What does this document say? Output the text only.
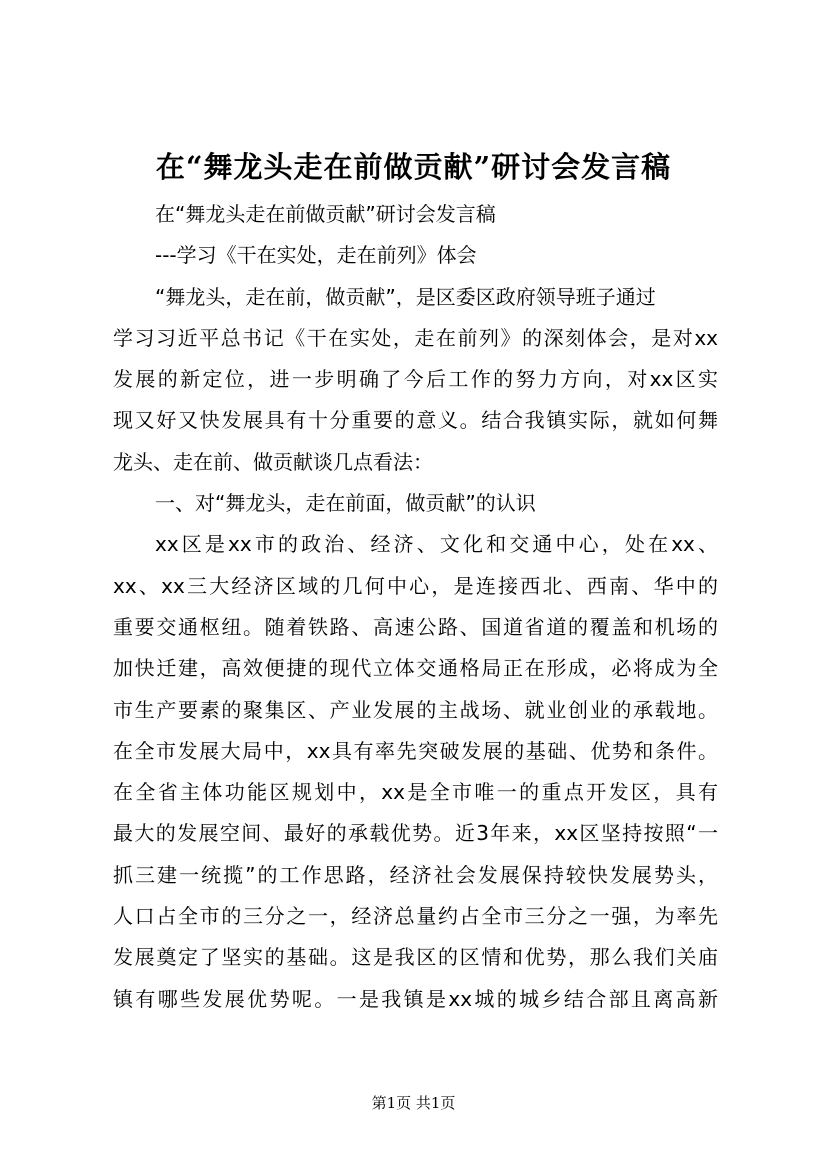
在“舞龙头走在前做贡献”研讨会发言稿
在“舞龙头走在前做贡献”研讨会发言稿
---学习《干在实处，走在前列》体会
“舞龙头，走在前，做贡献”，是区委区政府领导班子通过
学习习近平总书记《干在实处，走在前列》的深刻体会，是对xx
发展的新定位，进一步明确了今后工作的努力方向，对xx区实
现又好又快发展具有十分重要的意义。结合我镇实际，就如何舞
龙头、走在前、做贡献谈几点看法：
一、对“舞龙头，走在前面，做贡献”的认识
xx区是xx市的政治、经济、文化和交通中心，处在xx、
xx、xx三大经济区域的几何中心，是连接西北、西南、华中的
重要交通枢纽。随着铁路、高速公路、国道省道的覆盖和机场的
加快迁建，高效便捷的现代立体交通格局正在形成，必将成为全
市生产要素的聚集区、产业发展的主战场、就业创业的承载地。
在全市发展大局中，xx具有率先突破发展的基础、优势和条件。
在全省主体功能区规划中，xx是全市唯一的重点开发区，具有
最大的发展空间、最好的承载优势。近3年来，xx区坚持按照“一
抓三建一统揽”的工作思路，经济社会发展保持较快发展势头，
人口占全市的三分之一，经济总量约占全市三分之一强，为率先
发展奠定了坚实的基础。这是我区的区情和优势，那么我们关庙
镇有哪些发展优势呢。一是我镇是xx城的城乡结合部且离高新
第1页 共1页
